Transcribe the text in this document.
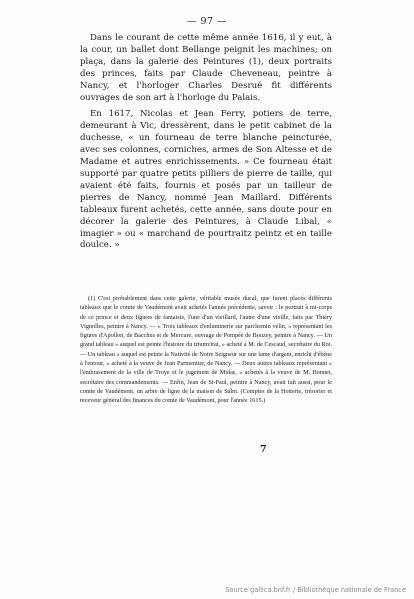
— 97 —

Dans le courant de cette même année 1616, il y eut, à la cour, un ballet dont Bellange peignit les machines; on plaça, dans la galerie des Peintures (1), deux portraits des princes, faits par Claude Cheveneau, peintre à Nancy, et l'horloger Charles Desrué fit différents ouvrages de son art à l'horloge du Palais.

En 1617, Nicolas et Jean Ferry, potiers de terre, demeurant à Vic, dressèrent, dans le petit cabinet de la duchesse, « un fourneau de terre blanche peincturée, avec ses colonnes, corniches, armes de Son Altesse et de Madame et autres enrichissements. » Ce fourneau était supporté par quatre petits pilliers de pierre de taille, qui avaient été faits, fournis et posés par un tailleur de pierres de Nancy, nommé Jean Maillard. Différents tableaux furent achetés, cette année, sans doute pour en décorer la galerie des Peintures, à Claude Libal, « imagier » ou « marchand de pourtraitz peintz et en taille doulce. »

(1) C'est probablement dans cette galerie, véritable musée ducal, que furent placés différents tableaux que le comte de Vaudémont avait achetés l'année précédente, savoir : le portrait à mi-corps de ce prince et deux figures de fantaisie, l'une d'un vieillard, l'autre d'une vieille, faits par Thiéry Vignolles, peintre à Nancy. — « Trois tableaux d'enluminerie sur parchemin vélin, » représentant les figures d'Apollon, de Bacchus et de Mercure, ouvrage de Pompée de Bouzey, peintre à Nancy. — Un grand tableau » auquel est peinte l'histoire du triumvirat, » acheté à M. de Cescaud, secrétaire du Roi. — Un tableau » auquel est peinte la Nativité de Notre Seigneur sur une lame d'argent, enrichi d'ébène à l'entour, » acheté à la veuve de Jean Parmentier, de Nancy. — Deux autres tableaux représentant » l'embrasement de la ville de Troye et le jugement de Midas, » achetés à la veuve de M. Bonnet, secrétaire des commandements. — Enfin, Jean de St-Paul, peintre à Nancy, avait fait aussi, pour le comte de Vaudémont, un arbre de ligne de la maison de Salm. (Comptes de la Hotterie, trésorier et receveur général des finances du comte de Vaudémont, pour l'année 1615.)

7
Source gallica.bnf.fr / Bibliothèque nationale de France
